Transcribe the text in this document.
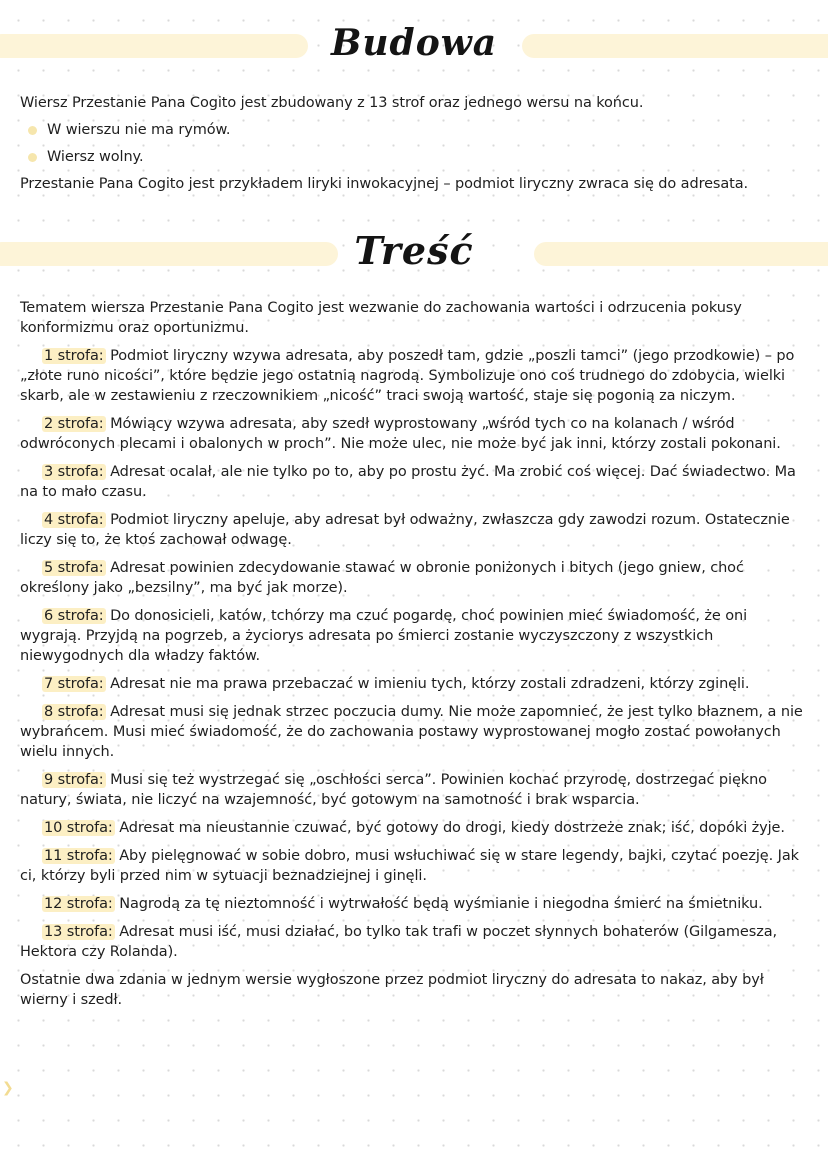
Budowa
Treść

Wiersz Przestanie Pana Cogito jest zbudowany z 13 strof oraz jednego wersu na końcu.

W wierszu nie ma rymów.

Wiersz wolny.

Przestanie Pana Cogito jest przykładem liryki inwokacyjnej – podmiot liryczny zwraca się do adresata.

Tematem wiersza Przestanie Pana Cogito jest wezwanie do zachowania wartości i odrzucenia pokusy konformizmu oraz oportunizmu.

1 strofa: Podmiot liryczny wzywa adresata, aby poszedł tam, gdzie „poszli tamci” (jego przodkowie) – po „złote runo nicości”, które będzie jego ostatnią nagrodą. Symbolizuje ono coś trudnego do zdobycia, wielki skarb, ale w zestawieniu z rzeczownikiem „nicość” traci swoją wartość, staje się pogonią za niczym.

2 strofa: Mówiący wzywa adresata, aby szedł wyprostowany „wśród tych co na kolanach / wśród odwróconych plecami i obalonych w proch”. Nie może ulec, nie może być jak inni, którzy zostali pokonani.

3 strofa: Adresat ocalał, ale nie tylko po to, aby po prostu żyć. Ma zrobić coś więcej. Dać świadectwo. Ma na to mało czasu.

4 strofa: Podmiot liryczny apeluje, aby adresat był odważny, zwłaszcza gdy zawodzi rozum. Ostatecznie liczy się to, że ktoś zachował odwagę.

5 strofa: Adresat powinien zdecydowanie stawać w obronie poniżonych i bitych (jego gniew, choć określony jako „bezsilny”, ma być jak morze).

6 strofa: Do donosicieli, katów, tchórzy ma czuć pogardę, choć powinien mieć świadomość, że oni wygrają. Przyjdą na pogrzeb, a życiorys adresata po śmierci zostanie wyczyszczony z wszystkich niewygodnych dla władzy faktów.

7 strofa: Adresat nie ma prawa przebaczać w imieniu tych, którzy zostali zdradzeni, którzy zginęli.

8 strofa: Adresat musi się jednak strzec poczucia dumy. Nie może zapomnieć, że jest tylko błaznem, a nie wybrańcem. Musi mieć świadomość, że do zachowania postawy wyprostowanej mogło zostać powołanych wielu innych.

9 strofa: Musi się też wystrzegać się „oschłości serca”. Powinien kochać przyrodę, dostrzegać piękno natury, świata, nie liczyć na wzajemność, być gotowym na samotność i brak wsparcia.

10 strofa: Adresat ma nieustannie czuwać, być gotowy do drogi, kiedy dostrzeże znak; iść, dopóki żyje.

11 strofa: Aby pielęgnować w sobie dobro, musi wsłuchiwać się w stare legendy, bajki, czytać poezję. Jak ci, którzy byli przed nim w sytuacji beznadziejnej i ginęli.

12 strofa: Nagrodą za tę nieztomność i wytrwałość będą wyśmianie i niegodna śmierć na śmietniku.

13 strofa: Adresat musi iść, musi działać, bo tylko tak trafi w poczet słynnych bohaterów (Gilgamesza, Hektora czy Rolanda).

Ostatnie dwa zdania w jednym wersie wygłoszone przez podmiot liryczny do adresata to nakaz, aby był wierny i szedł.

❯
